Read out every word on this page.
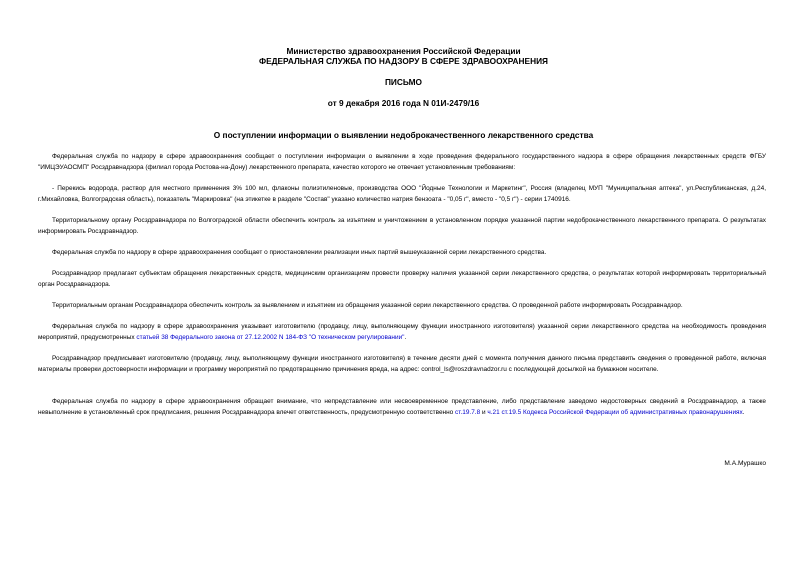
Министерство здравоохранения Российской Федерации
ФЕДЕРАЛЬНАЯ СЛУЖБА ПО НАДЗОРУ В СФЕРЕ ЗДРАВООХРАНЕНИЯ
ПИСЬМО
от 9 декабря 2016 года N 01И-2479/16
О поступлении информации о выявлении недоброкачественного лекарственного средства

Федеральная служба по надзору в сфере здравоохранения сообщает о поступлении информации о выявлении в ходе проведения федерального государственного надзора в сфере обращения лекарственных средств ФГБУ "ИМЦЭУАОСМП" Росздравнадзора (филиал города Ростова-на-Дону) лекарственного препарата, качество которого не отвечает установленным требованиям:

- Перекись водорода, раствор для местного применения 3% 100 мл, флаконы полиэтиленовые, производства ООО "Йодные Технологии и Маркетинг", Россия (владелец МУП "Муниципальная аптека", ул.Республиканская, д.24, г.Михайловка, Волгоградская область), показатель "Маркировка" (на этикетке в разделе "Состав" указано количество натрия бензоата - "0,05 г", вместо - "0,5 г") - серии 1740916.

Территориальному органу Росздравнадзора по Волгоградской области обеспечить контроль за изъятием и уничтожением в установленном порядке указанной партии недоброкачественного лекарственного препарата. О результатах информировать Росздравнадзор.

Федеральная служба по надзору в сфере здравоохранения сообщает о приостановлении реализации иных партий вышеуказанной серии лекарственного средства.

Росздравнадзор предлагает субъектам обращения лекарственных средств, медицинским организациям провести проверку наличия указанной серии лекарственного средства, о результатах которой информировать территориальный орган Росздравнадзора.

Территориальным органам Росздравнадзора обеспечить контроль за выявлением и изъятием из обращения указанной серии лекарственного средства. О проведенной работе информировать Росздравнадзор.

Федеральная служба по надзору в сфере здравоохранения указывает изготовителю (продавцу, лицу, выполняющему функции иностранного изготовителя) указанной серии лекарственного средства на необходимость проведения мероприятий, предусмотренных статьей 38 Федерального закона от 27.12.2002 N 184-ФЗ "О техническом регулировании".

Росздравнадзор предписывает изготовителю (продавцу, лицу, выполняющему функции иностранного изготовителя) в течение десяти дней с момента получения данного письма представить сведения о проведенной работе, включая материалы проверки достоверности информации и программу мероприятий по предотвращению причинения вреда, на адрес: control_ls@roszdravnadzor.ru с последующей досылкой на бумажном носителе.

Федеральная служба по надзору в сфере здравоохранения обращает внимание, что непредставление или несвоевременное представление, либо представление заведомо недостоверных сведений в Росздравнадзор, а также невыполнение в установленный срок предписания, решения Росздравнадзора влечет ответственность, предусмотренную соответственно ст.19.7.8 и ч.21 ст.19.5 Кодекса Российской Федерации об административных правонарушениях.

М.А.Мурашко
